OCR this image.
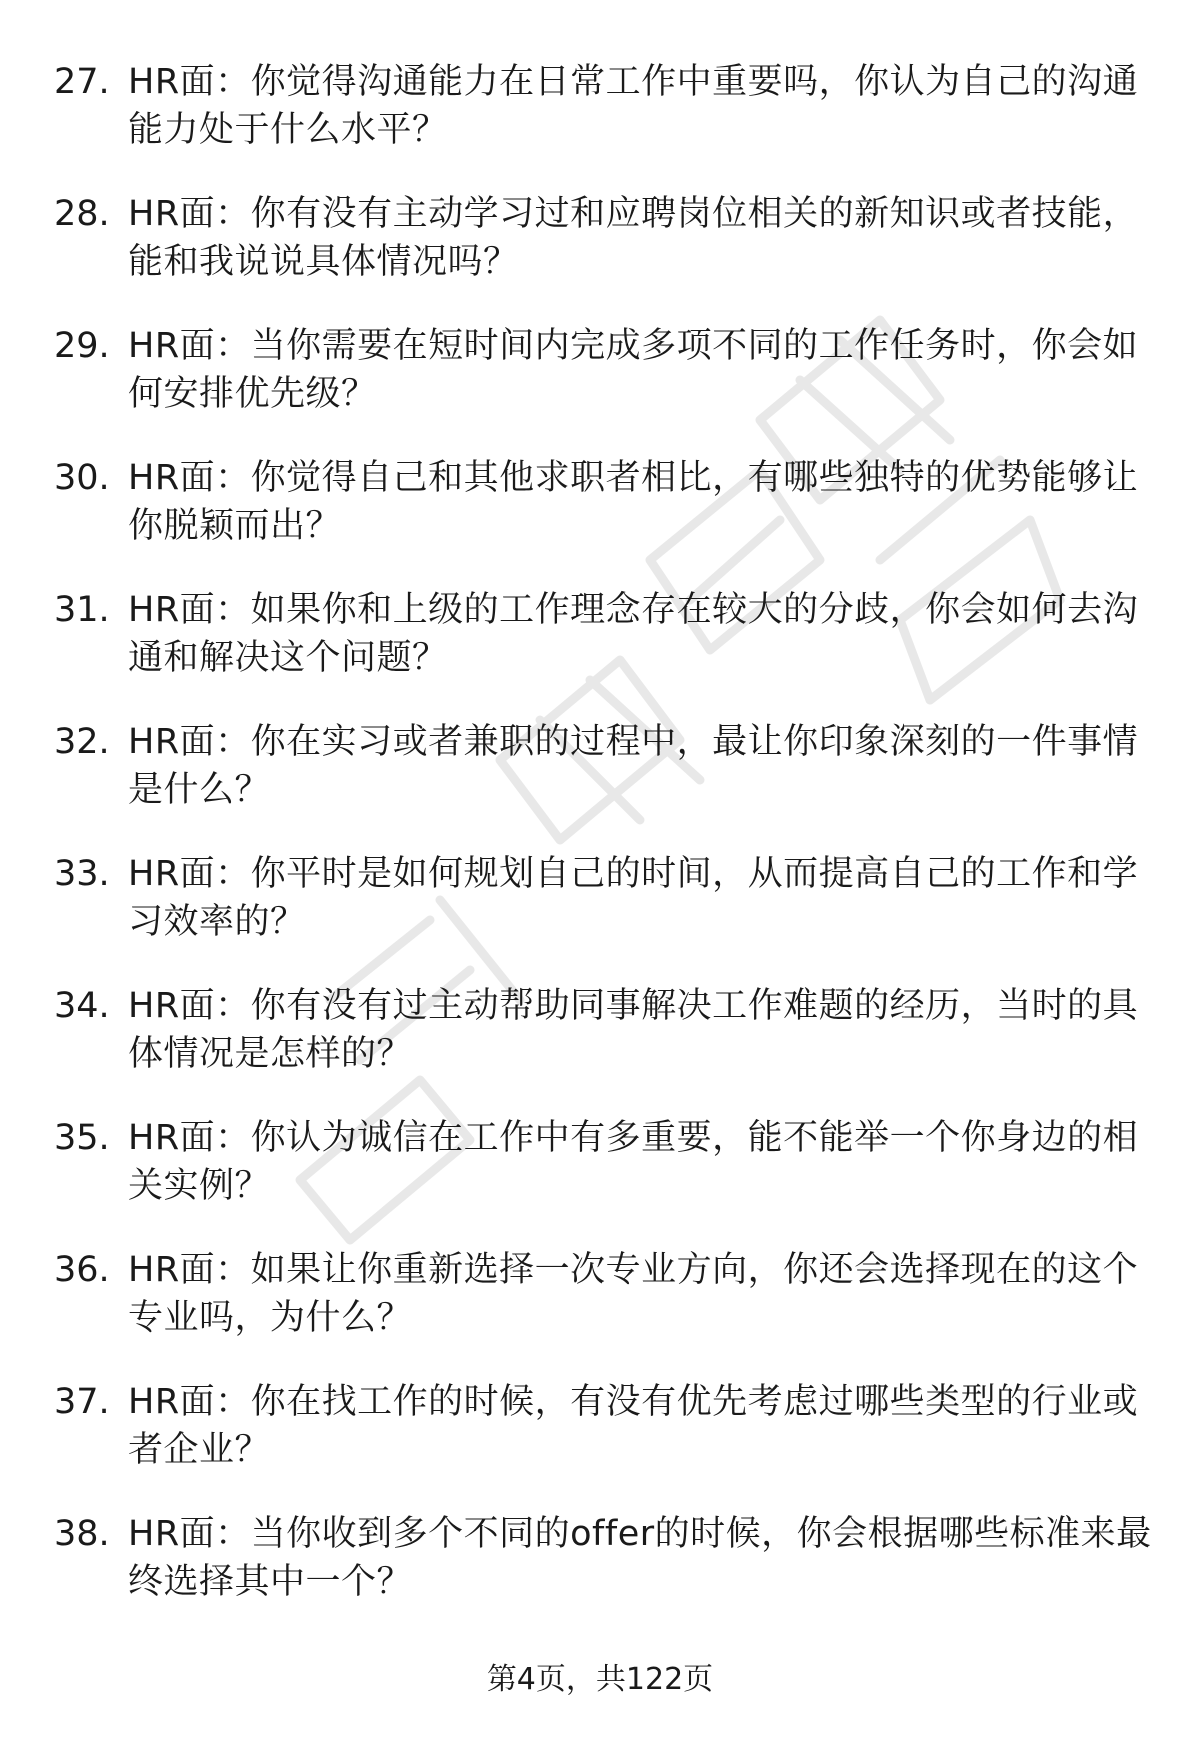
27. HR面：你觉得沟通能力在日常工作中重要吗，你认为自己的沟通能力处于什么水平？
28. HR面：你有没有主动学习过和应聘岗位相关的新知识或者技能，能和我说说具体情况吗？
29. HR面：当你需要在短时间内完成多项不同的工作任务时，你会如何安排优先级？
30. HR面：你觉得自己和其他求职者相比，有哪些独特的优势能够让你脱颖而出？
31. HR面：如果你和上级的工作理念存在较大的分歧，你会如何去沟通和解决这个问题？
32. HR面：你在实习或者兼职的过程中，最让你印象深刻的一件事情是什么？
33. HR面：你平时是如何规划自己的时间，从而提高自己的工作和学习效率的？
34. HR面：你有没有过主动帮助同事解决工作难题的经历，当时的具体情况是怎样的？
35. HR面：你认为诚信在工作中有多重要，能不能举一个你身边的相关实例？
36. HR面：如果让你重新选择一次专业方向，你还会选择现在的这个专业吗，为什么？
37. HR面：你在找工作的时候，有没有优先考虑过哪些类型的行业或者企业？
38. HR面：当你收到多个不同的offer的时候，你会根据哪些标准来最终选择其中一个？
第4页，共122页
